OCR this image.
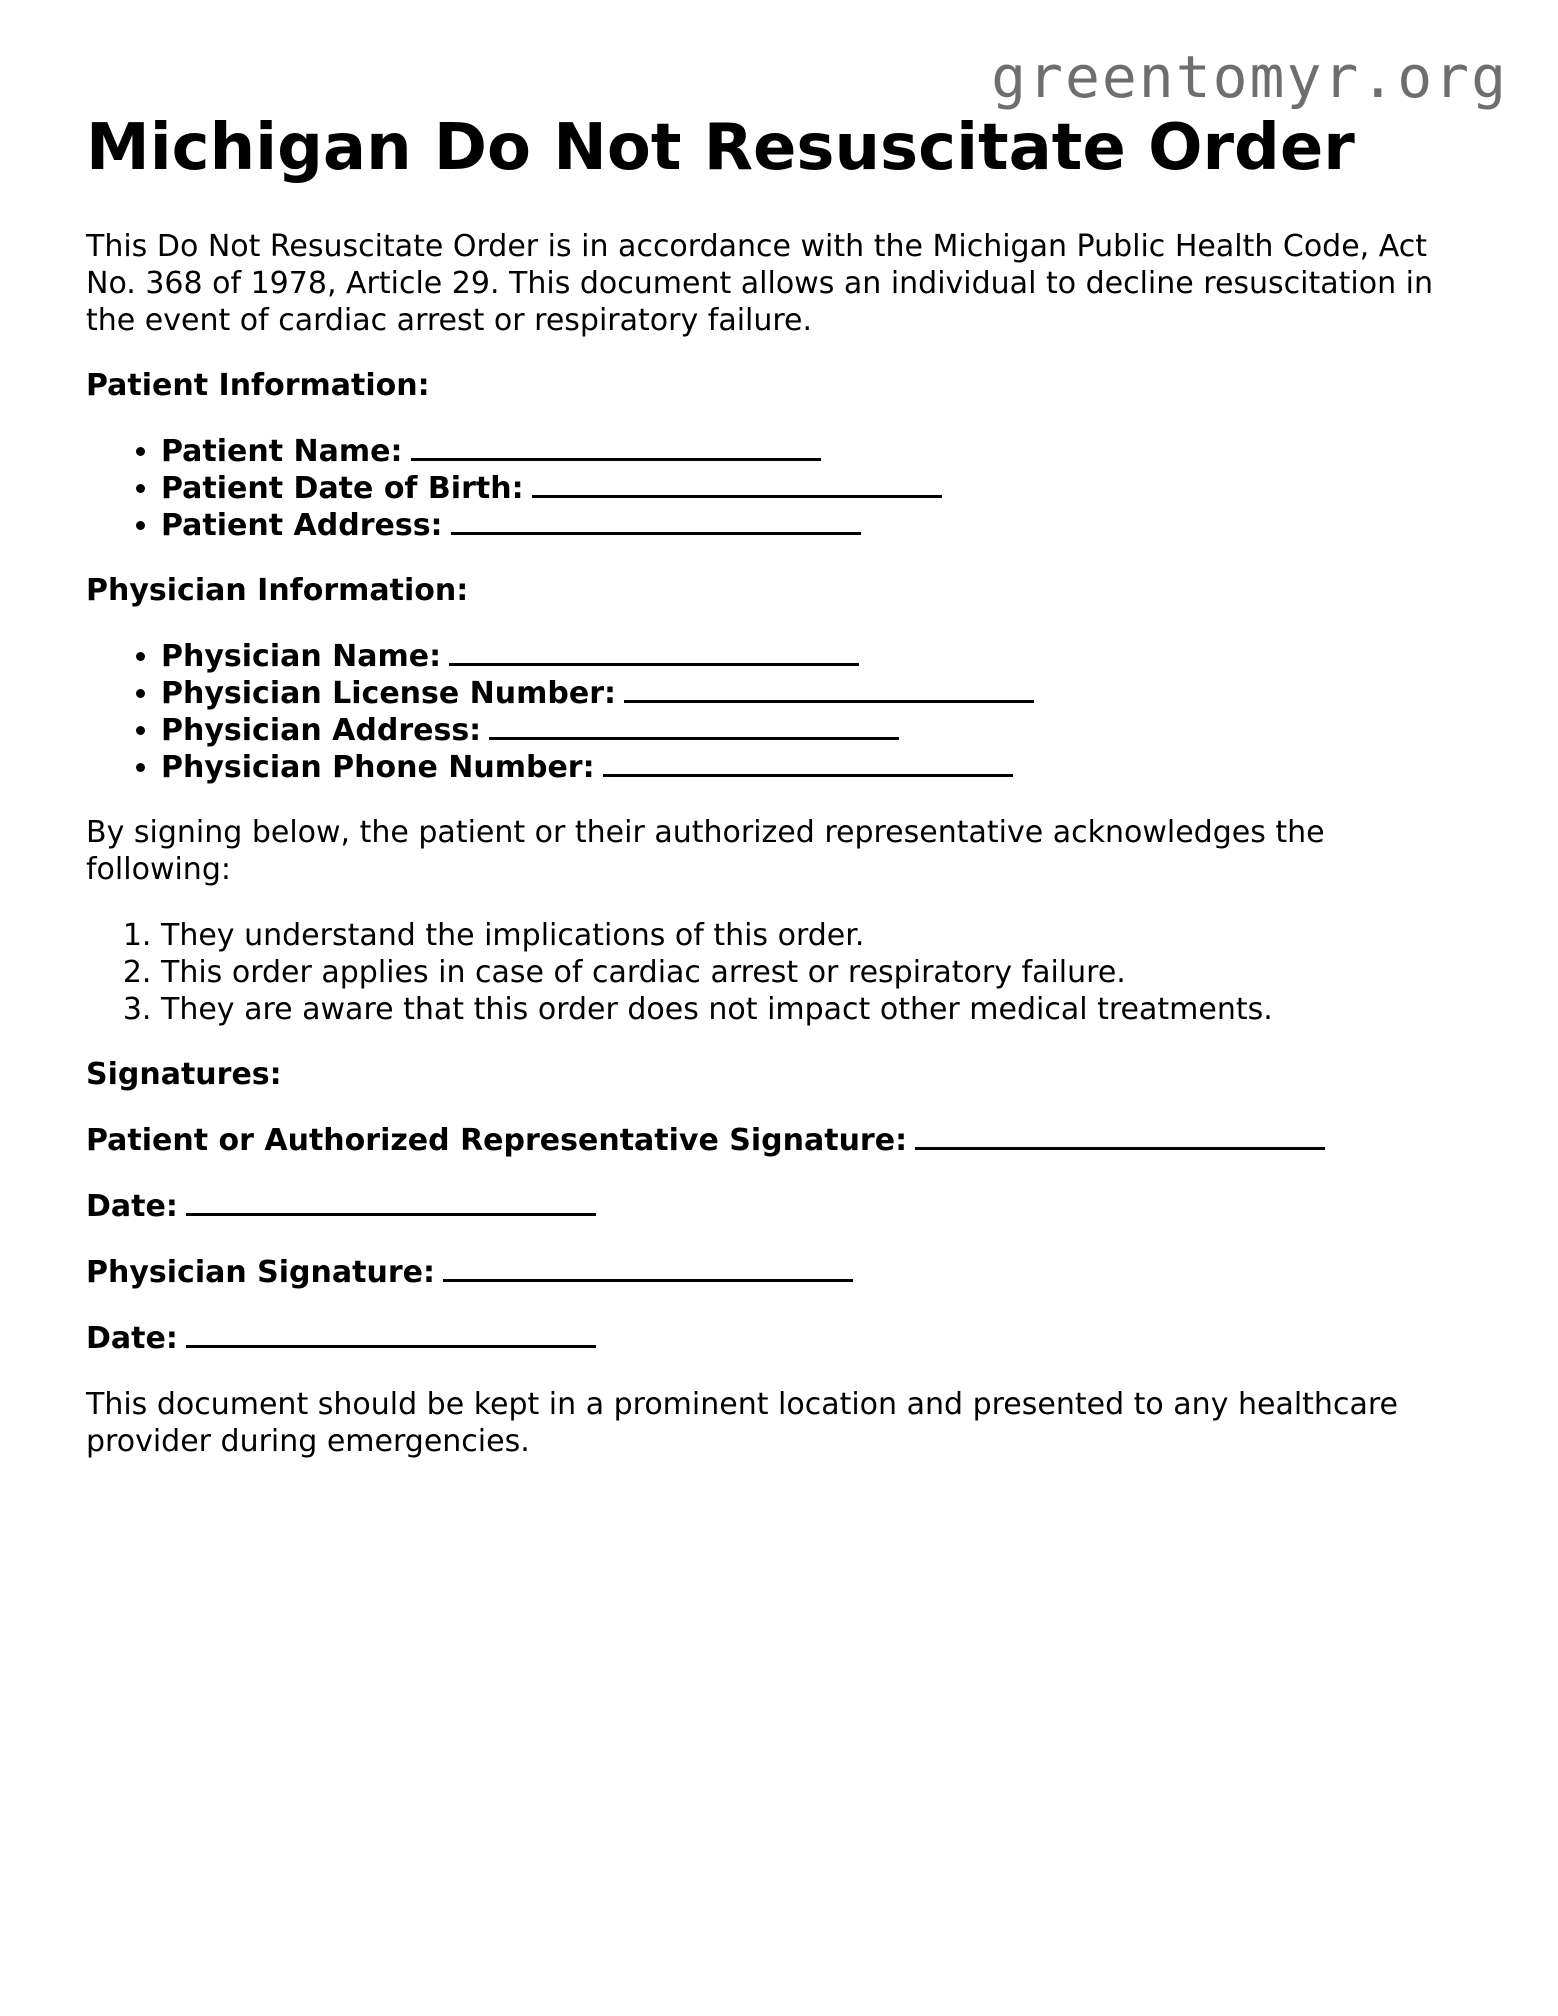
greentomyr.org
Michigan Do Not Resuscitate Order

This Do Not Resuscitate Order is in accordance with the Michigan Public Health Code, Act No. 368 of 1978, Article 29. This document allows an individual to decline resuscitation in the event of cardiac arrest or respiratory failure.

Patient Information:

• Patient Name:
• Patient Date of Birth:
• Patient Address:

Physician Information:

• Physician Name:
• Physician License Number:
• Physician Address:
• Physician Phone Number:

By signing below, the patient or their authorized representative acknowledges the following:

1. They understand the implications of this order.
2. This order applies in case of cardiac arrest or respiratory failure.
3. They are aware that this order does not impact other medical treatments.

Signatures:

Patient or Authorized Representative Signature:

Date:

Physician Signature:

Date:

This document should be kept in a prominent location and presented to any healthcare provider during emergencies.
